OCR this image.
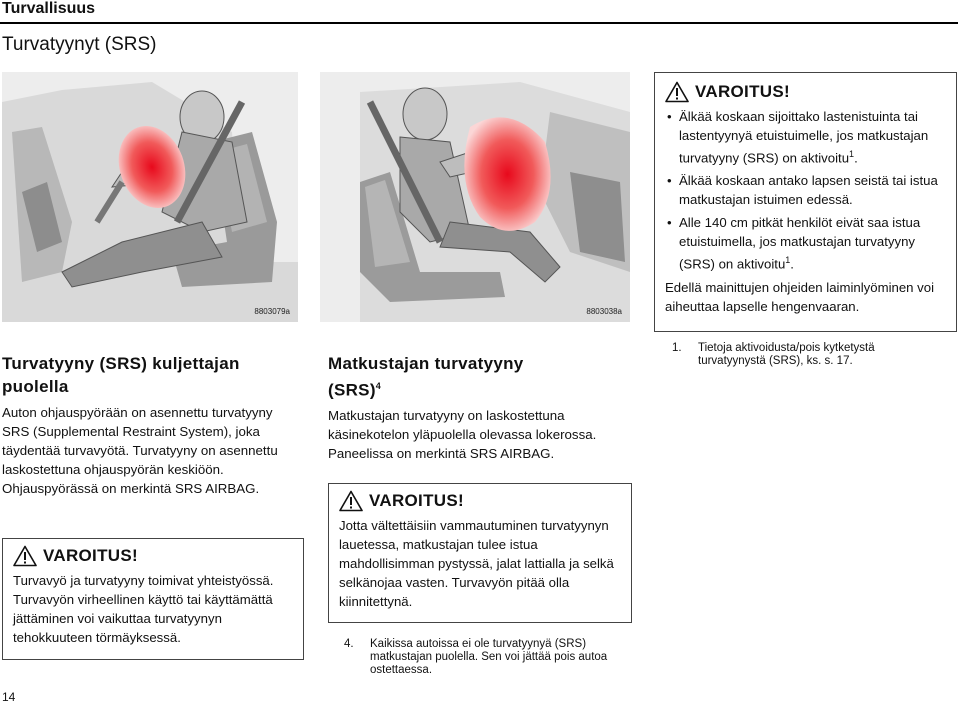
Turvallisuus
Turvatyynyt (SRS)
8803079a	8803038a
VAROITUS!
• Älkää koskaan sijoittako lastenistuinta tai lastentyynyä etuistuimelle, jos matkustajan turvatyyny (SRS) on aktivoitu$^1$.
• Älkää koskaan antako lapsen seistä tai istua matkustajan istuimen edessä.
• Alle 140 cm pitkät henkilöt eivät saa istua etuistuimella, jos matkustajan turvatyyny (SRS) on aktivoitu$^1$.
Edellä mainittujen ohjeiden laiminlyöminen voi aiheuttaa lapselle hengenvaaran.
Turvatyyny (SRS) kuljettajan puolella
Auton ohjauspyörään on asennettu turvatyyny SRS (Supplemental Restraint System), joka täydentää turvavyötä. Turvatyyny on asennettu laskostettuna ohjauspyörän keskiöön. Ohjauspyörässä on merkintä SRS AIRBAG.
VAROITUS!
Turvavyö ja turvatyyny toimivat yhteistyössä. Turvavyön virheellinen käyttö tai käyttämättä jättäminen voi vaikuttaa turvatyynyn tehokkuuteen törmäyksessä.
Matkustajan turvatyyny
(SRS)$^4$
Matkustajan turvatyyny on laskostettuna käsinekotelon yläpuolella olevassa lokerossa. Paneelissa on merkintä SRS AIRBAG.
VAROITUS!
Jotta vältettäisiin vammautuminen turvatyynyn lauetessa, matkustajan tulee istua mahdollisimman pystyssä, jalat lattialla ja selkä selkänojaa vasten. Turvavyön pitää olla kiinnitettynä.
1.	Tietoja aktivoidusta/pois kytketystä turvatyynystä (SRS), ks. s. 17.
4.	Kaikissa autoissa ei ole turvatyynyä (SRS) matkustajan puolella. Sen voi jättää pois autoa ostettaessa.
14
